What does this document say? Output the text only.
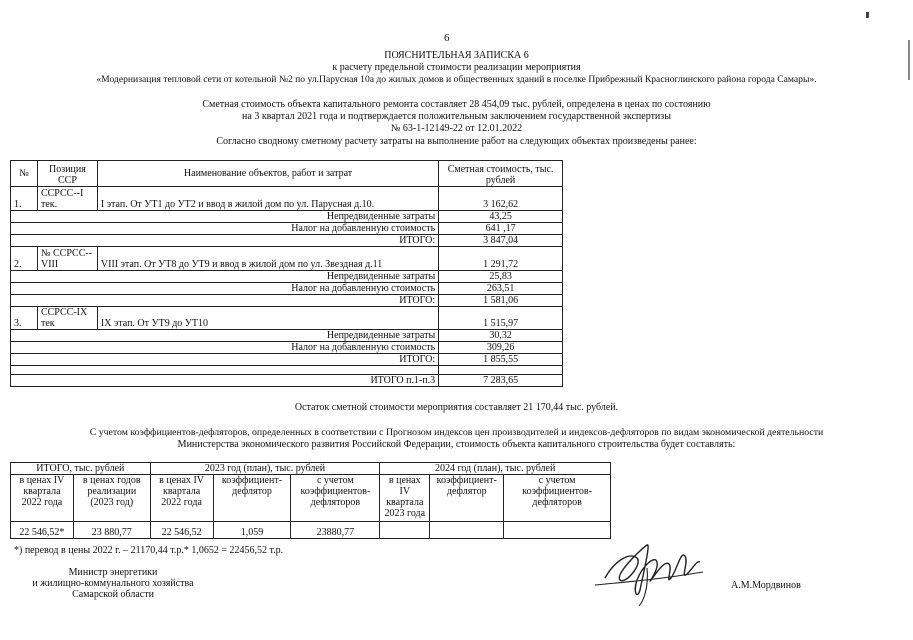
6
ПОЯСНИТЕЛЬНАЯ ЗАПИСКА 6
к расчету предельной стоимости реализации мероприятия
«Модернизация тепловой сети от котельной №2 по ул.Парусная 10а до жилых домов и общественных зданий в поселке Прибрежный Красноглинского района города Самары».
Сметная стоимость объекта капитального ремонта составляет 28 454,09 тыс. рублей, определена в ценах по состоянию
на 3 квартал 2021 года и подтверждается положительным заключением государственной экспертизы
№ 63-1-12149-22 от 12.01.2022
Согласно сводному сметному расчету затраты на выполнение работ на следующих объектах произведены ранее:
№	Позиция ССР	Наименование объектов, работ и затрат	Сметная стоимость, тыс. рублей
1.	ССРСС--I тек.	I этап. От УТ1 до УТ2 и ввод в жилой дом по ул. Парусная д.10.	3 162,62
Непредвиденные затраты			43,25
Налог на добавленную стоимость			641 ,17
ИТОГО:			3 847,04
2.	№ ССРСС--VIII	VIII этап. От УТ8 до УТ9 и ввод в жилой дом по ул. Звездная д.11	1 291,72
Непредвиденные затраты			25,83
Налог на добавленную стоимость			263,51
ИТОГО:			1 581,06
3.	ССРСС-IX тек	IX этап. От УТ9 до УТ10	1 515,97
Непредвиденные затраты			30,32
Налог на добавленную стоимость			309,26
ИТОГО:			1 855,55

ИТОГО п.1-п.3			7 283,65
Остаток сметной стоимости мероприятия составляет 21 170,44 тыс. рублей.
С учетом коэффициентов-дефляторов, определенных в соответствии с Прогнозом индексов цен производителей и индексов-дефляторов по видам экономической деятельности
Министерства экономического развития Российской Федерации, стоимость объекта капитального строительства будет составлять:
ИТОГО, тыс. рублей		2023 год (план), тыс. рублей			2024 год (план), тыс. рублей		
в ценах IV квартала 2022 года	в ценах годов реализации (2023 год)	в ценах IV квартала 2022 года	коэффициент-дефлятор	с учетом коэффициентов-дефляторов	в ценах IV квартала 2023 года	коэффициент-дефлятор	с учетом коэффициентов-дефляторов
22 546,52*	23 880,77	22 546,52	1,059	23880,77			
*) перевод в цены 2022 г. – 21170,44 т.р.* 1,0652 = 22456,52 т.р.
Министр энергетики
и жилищно-коммунального хозяйства
Самарской области
А.М.Мордвинов
